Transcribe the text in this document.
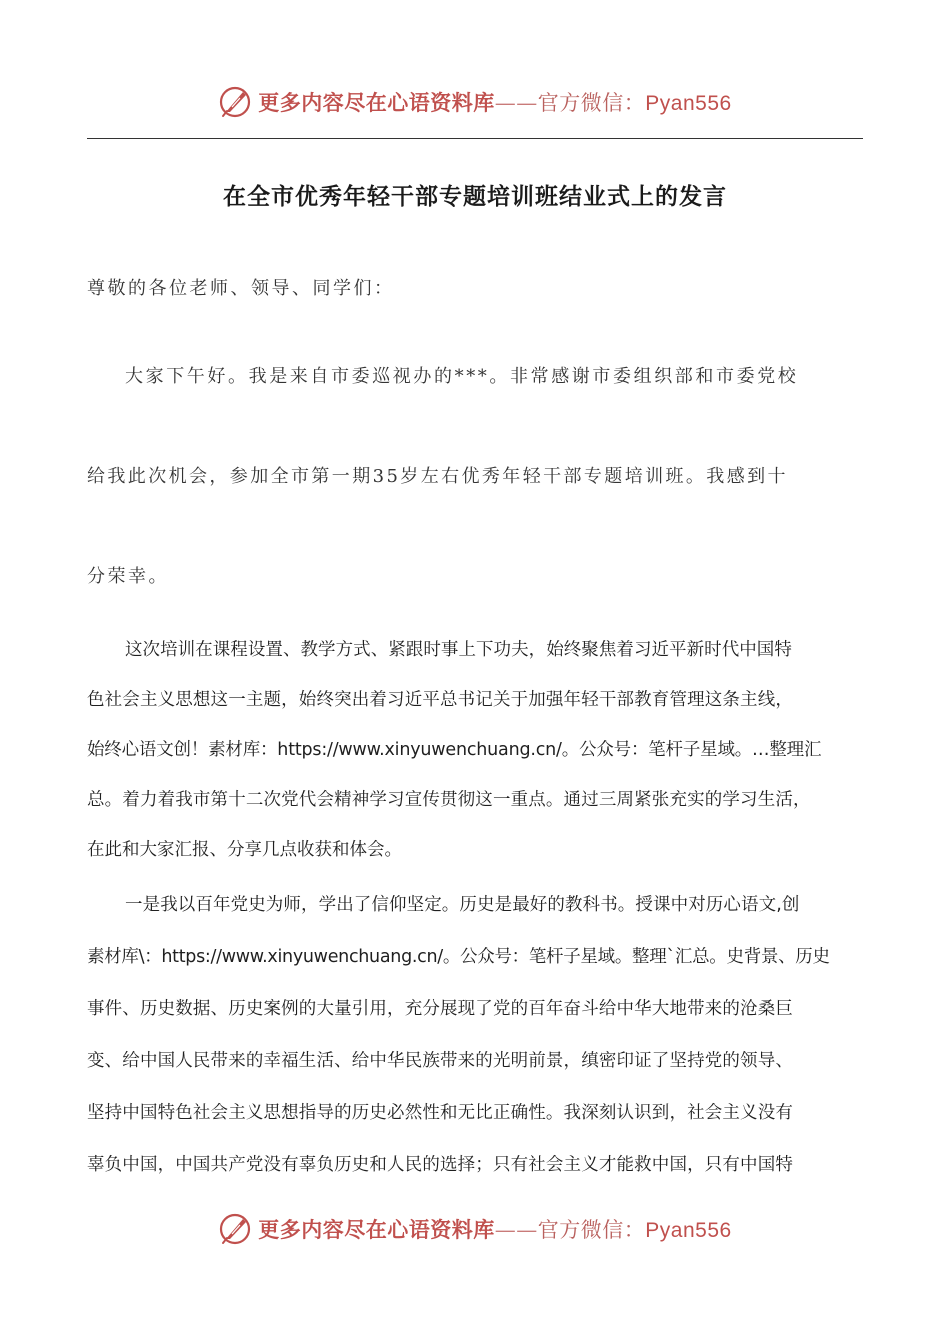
更多内容尽在心语资料库——官方微信：Pyan556
在全市优秀年轻干部专题培训班结业式上的发言
尊敬的各位老师、领导、同学们：
大家下午好。我是来自市委巡视办的***。非常感谢市委组织部和市委党校
给我此次机会，参加全市第一期35岁左右优秀年轻干部专题培训班。我感到十
分荣幸。
这次培训在课程设置、教学方式、紧跟时事上下功夫，始终聚焦着习近平新时代中国特
色社会主义思想这一主题，始终突出着习近平总书记关于加强年轻干部教育管理这条主线，
始终心语文创！素材库：https://www.xinyuwenchuang.cn/。公众号：笔杆子星域。…整理汇
总。着力着我市第十二次党代会精神学习宣传贯彻这一重点。通过三周紧张充实的学习生活，
在此和大家汇报、分享几点收获和体会。
一是我以百年党史为师，学出了信仰坚定。历史是最好的教科书。授课中对历心语文,创
素材库\：https://www.xinyuwenchuang.cn/。公众号：笔杆子星域。整理`汇总。史背景、历史
事件、历史数据、历史案例的大量引用，充分展现了党的百年奋斗给中华大地带来的沧桑巨
变、给中国人民带来的幸福生活、给中华民族带来的光明前景，缜密印证了坚持党的领导、
坚持中国特色社会主义思想指导的历史必然性和无比正确性。我深刻认识到，社会主义没有
辜负中国，中国共产党没有辜负历史和人民的选择；只有社会主义才能救中国，只有中国特
更多内容尽在心语资料库——官方微信：Pyan556
